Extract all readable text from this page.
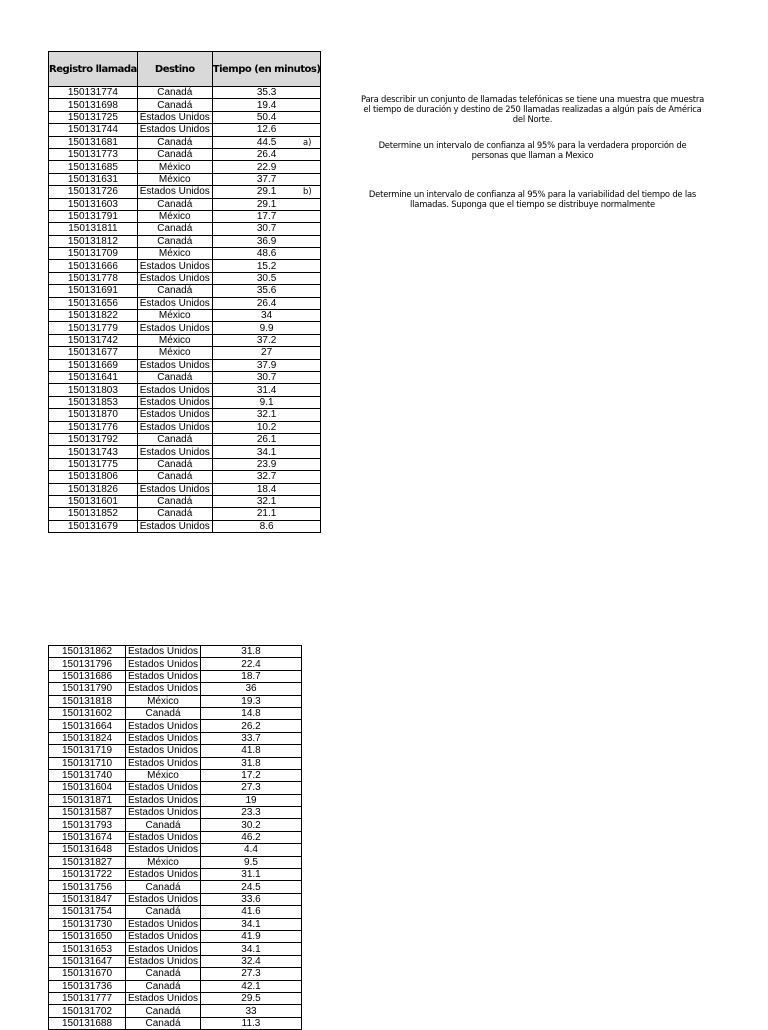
Registro llamada	Destino	Tiempo (en minutos)
150131774	Canadá	35.3
150131698	Canadá	19.4
150131725	Estados Unidos	50.4
150131744	Estados Unidos	12.6
150131681	Canadá	44.5
150131773	Canadá	26.4
150131685	México	22.9
150131631	México	37.7
150131726	Estados Unidos	29.1
150131603	Canadá	29.1
150131791	México	17.7
150131811	Canadá	30.7
150131812	Canadá	36.9
150131709	México	48.6
150131666	Estados Unidos	15.2
150131778	Estados Unidos	30.5
150131691	Canadá	35.6
150131656	Estados Unidos	26.4
150131822	México	34
150131779	Estados Unidos	9.9
150131742	México	37.2
150131677	México	27
150131669	Estados Unidos	37.9
150131641	Canadá	30.7
150131803	Estados Unidos	31.4
150131853	Estados Unidos	9.1
150131870	Estados Unidos	32.1
150131776	Estados Unidos	10.2
150131792	Canadá	26.1
150131743	Estados Unidos	34.1
150131775	Canadá	23.9
150131806	Canadá	32.7
150131826	Estados Unidos	18.4
150131601	Canadá	32.1
150131852	Canadá	21.1
150131679	Estados Unidos	8.6
150131862	Estados Unidos	31.8
150131796	Estados Unidos	22.4
150131686	Estados Unidos	18.7
150131790	Estados Unidos	36
150131818	México	19.3
150131602	Canadá	14.8
150131664	Estados Unidos	26.2
150131824	Estados Unidos	33.7
150131719	Estados Unidos	41.8
150131710	Estados Unidos	31.8
150131740	México	17.2
150131604	Estados Unidos	27.3
150131871	Estados Unidos	19
150131587	Estados Unidos	23.3
150131793	Canadá	30.2
150131674	Estados Unidos	46.2
150131648	Estados Unidos	4.4
150131827	México	9.5
150131722	Estados Unidos	31.1
150131756	Canadá	24.5
150131847	Estados Unidos	33.6
150131754	Canadá	41.6
150131730	Estados Unidos	34.1
150131650	Estados Unidos	41.9
150131653	Estados Unidos	34.1
150131647	Estados Unidos	32.4
150131670	Canadá	27.3
150131736	Canadá	42.1
150131777	Estados Unidos	29.5
150131702	Canadá	33
150131688	Canadá	11.3
Para describir un conjunto de llamadas telefónicas se tiene una muestra que muestra el tiempo de duración y destino de 250 llamadas realizadas a algún país de América del Norte.
a)	Determine un intervalo de confianza al 95% para la verdadera proporción de personas que llaman a Mexico
b)	Determine un intervalo de confianza al 95% para la variabilidad del tiempo de las llamadas. Suponga que el tiempo se distribuye normalmente
